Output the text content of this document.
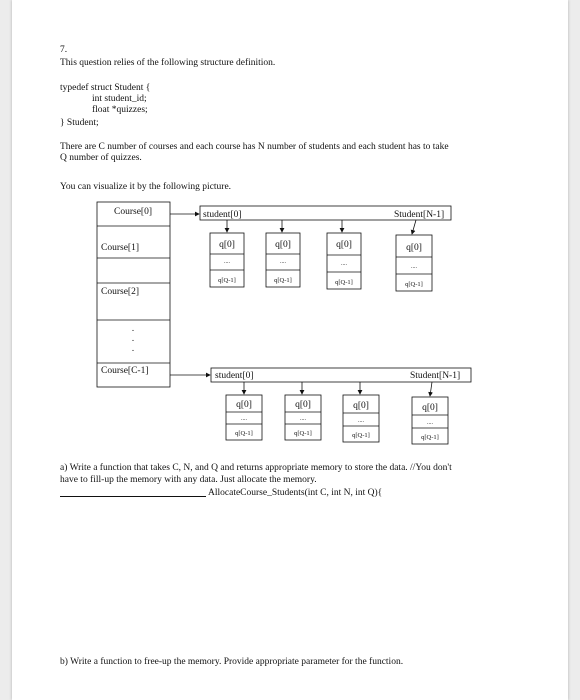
7.
This question relies of the following structure definition.
typedef struct Student {
int student_id;
float *quizzes;
} Student;
There are C number of courses and each course has N number of students and each student has to take
Q number of quizzes.
You can visualize it by the following picture.
Course[0]
Course[1]
Course[2]
.
.
.
Course[C-1]
student[0]	Student[N-1]
q[0]
....
q[Q-1]
q[0]
....
q[Q-1]
q[0]
....
q[Q-1]
q[0]
....
q[Q-1]
student[0]	Student[N-1]
q[0]
....
q[Q-1]
q[0]
....
q[Q-1]
q[0]
....
q[Q-1]
q[0]
....
q[Q-1]
a) Write a function that takes C, N, and Q and returns appropriate memory to store the data. //You don't
have to fill-up the memory with any data. Just allocate the memory.
AllocateCourse_Students(int C, int N, int Q){
b) Write a function to free-up the memory. Provide appropriate parameter for the function.
